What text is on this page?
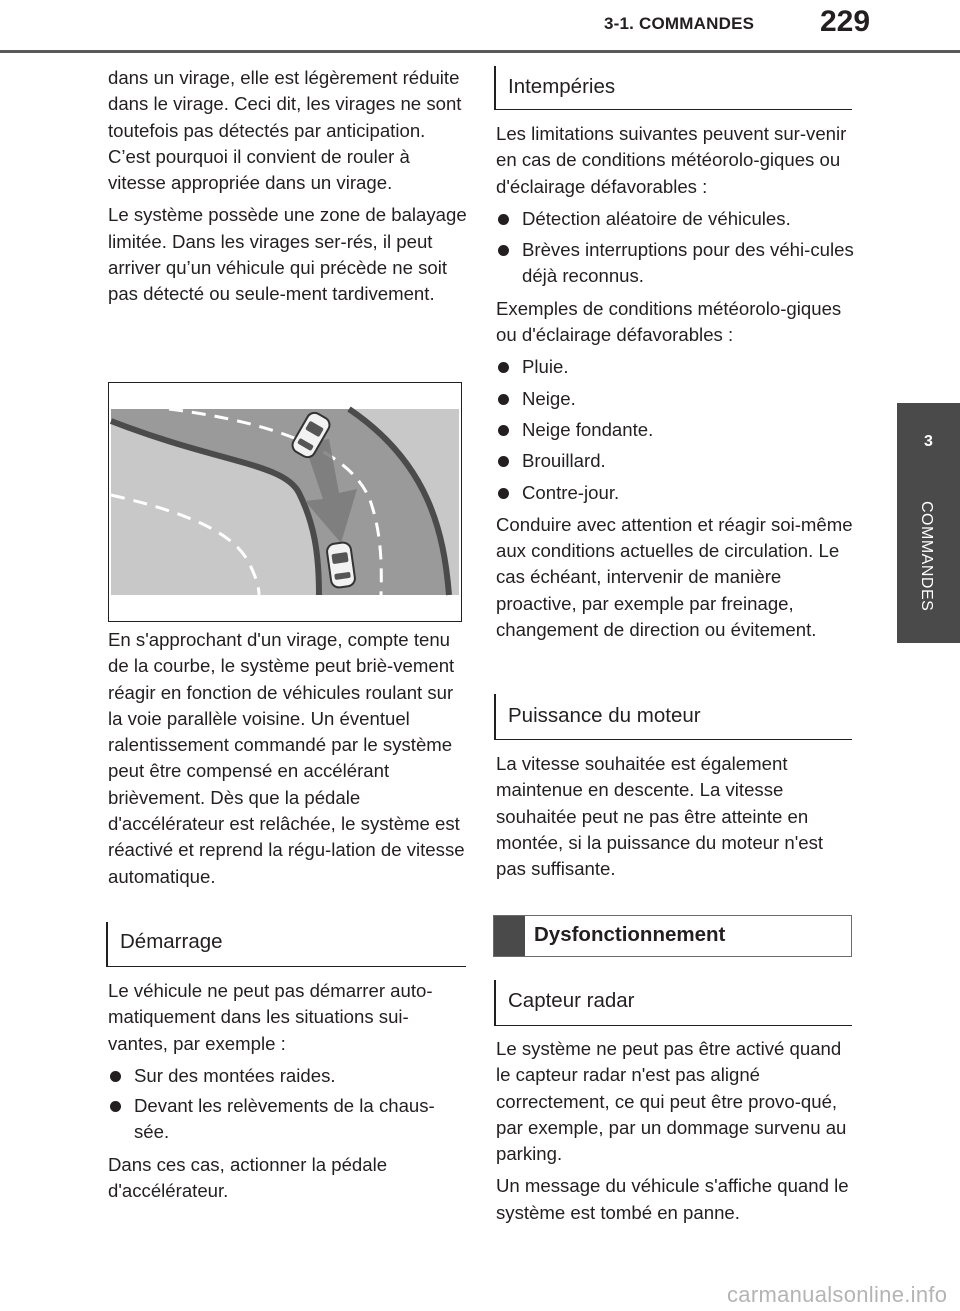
3-1. COMMANDES 229
3
COMMANDES

dans un virage, elle est légèrement réduite dans le virage. Ceci dit, les virages ne sont toutefois pas détectés par anticipation. C’est pourquoi il convient de rouler à vitesse appropriée dans un virage.

Le système possède une zone de balayage limitée. Dans les virages ser-rés, il peut arriver qu’un véhicule qui précède ne soit pas détecté ou seule-ment tardivement.

En s'approchant d'un virage, compte tenu de la courbe, le système peut briè-vement réagir en fonction de véhicules roulant sur la voie parallèle voisine. Un éventuel ralentissement commandé par le système peut être compensé en accélérant brièvement. Dès que la pédale d'accélérateur est relâchée, le système est réactivé et reprend la régu-lation de vitesse automatique.

Démarrage

Le véhicule ne peut pas démarrer auto-matiquement dans les situations sui-vantes, par exemple :

Sur des montées raides.
Devant les relèvements de la chaus-sée.

Dans ces cas, actionner la pédale d'accélérateur.

Intempéries

Les limitations suivantes peuvent sur-venir en cas de conditions météorolo-giques ou d'éclairage défavorables :

Détection aléatoire de véhicules.
Brèves interruptions pour des véhi-cules déjà reconnus.

Exemples de conditions météorolo-giques ou d'éclairage défavorables :

Pluie.
Neige.
Neige fondante.
Brouillard.
Contre-jour.

Conduire avec attention et réagir soi-même aux conditions actuelles de circulation. Le cas échéant, intervenir de manière proactive, par exemple par freinage, changement de direction ou évitement.

Puissance du moteur

La vitesse souhaitée est également maintenue en descente. La vitesse souhaitée peut ne pas être atteinte en montée, si la puissance du moteur n'est pas suffisante.

Dysfonctionnement
Capteur radar

Le système ne peut pas être activé quand le capteur radar n'est pas aligné correctement, ce qui peut être provo-qué, par exemple, par un dommage survenu au parking.

Un message du véhicule s'affiche quand le système est tombé en panne.

carmanualsonline.info
